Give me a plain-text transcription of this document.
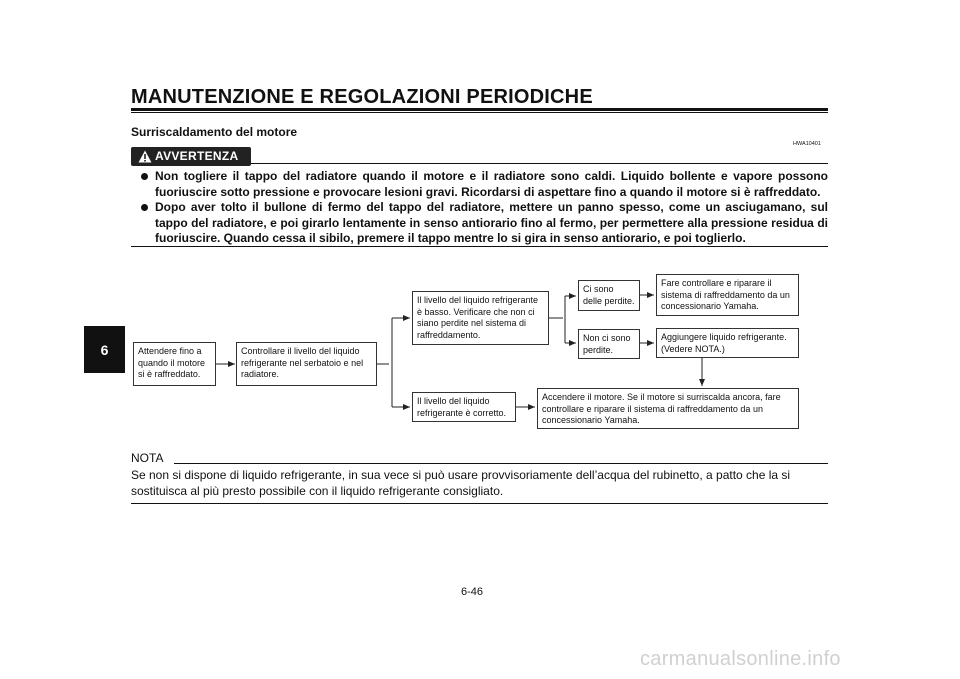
MANUTENZIONE E REGOLAZIONI PERIODICHE
Surriscaldamento del motore
HWA10401
AVVERTENZA
Non togliere il tappo del radiatore quando il motore e il radiatore sono caldi. Liquido bollente e vapore possono fuoriuscire sotto pressione e provocare lesioni gravi. Ricordarsi di aspettare fino a quando il motore si è raffreddato.
Dopo aver tolto il bullone di fermo del tappo del radiatore, mettere un panno spesso, come un asciugamano, sul tappo del radiatore, e poi girarlo lentamente in senso antiorario fino al fermo, per permettere alla pressione residua di fuoriuscire. Quando cessa il sibilo, premere il tappo mentre lo si gira in senso antiorario, e poi toglierlo.
6	Attendere fino a quando il motore si è raffreddato.
Controllare il livello del liquido refrigerante nel serbatoio e nel radiatore.
Il livello del liquido refrigerante è basso. Verificare che non ci siano perdite nel sistema di raffreddamento.
Il livello del liquido refrigerante è corretto.
Ci sono delle perdite.
Non ci sono perdite.
Fare controllare e riparare il sistema di raffreddamento da un concessionario Yamaha.
Aggiungere liquido refrigerante. (Vedere NOTA.)
Accendere il motore. Se il motore si surriscalda ancora, fare controllare e riparare il sistema di raffreddamento da un concessionario Yamaha.
NOTA
Se non si dispone di liquido refrigerante, in sua vece si può usare provvisoriamente dell’acqua del rubinetto, a patto che la si sostituisca al più presto possibile con il liquido refrigerante consigliato.
6-46
carmanualsonline.info
